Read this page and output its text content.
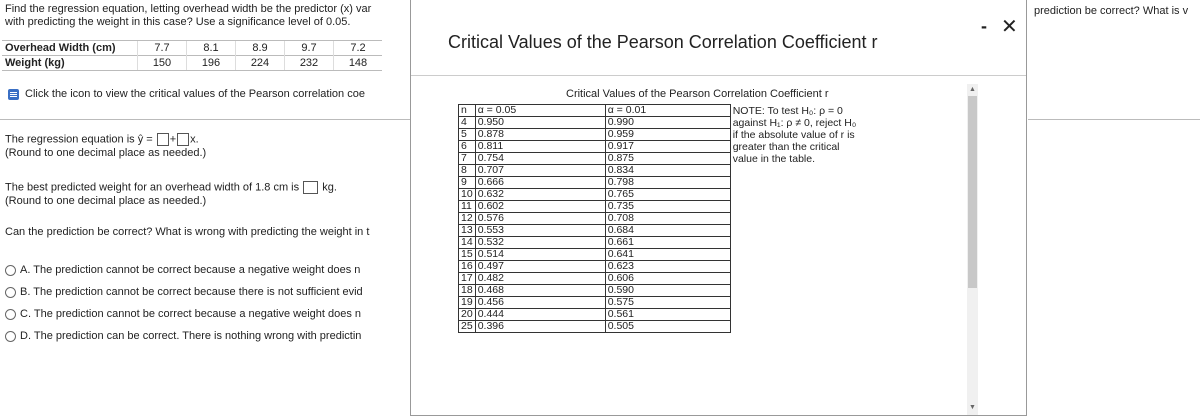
Find the regression equation, letting overhead width be the predictor (x) var
with predicting the weight in this case? Use a significance level of 0.05.
Overhead Width (cm)	7.7	8.1	8.9	9.7	7.2
Weight (kg)	150	196	224	232	148
Click the icon to view the critical values of the Pearson correlation coe
The regression equation is ŷ = + x.
(Round to one decimal place as needed.)
The best predicted weight for an overhead width of 1.8 cm is kg.
(Round to one decimal place as needed.)
Can the prediction be correct? What is wrong with predicting the weight in t
A. The prediction cannot be correct because a negative weight does n
B. The prediction cannot be correct because there is not sufficient evid
C. The prediction cannot be correct because a negative weight does n
D. The prediction can be correct. There is nothing wrong with predictin
prediction be correct? What is v
Critical Values of the Pearson Correlation Coefficient r
- ✕
Critical Values of the Pearson Correlation Coefficient r
n	α = 0.05	α = 0.01	NOTE: To test H₀: ρ = 0
against H₁: ρ ≠ 0, reject H₀
if the absolute value of r is
greater than the critical
value in the table.

4	0.950	0.990	
5	0.878	0.959	
6	0.811	0.917	
7	0.754	0.875	
8	0.707	0.834	
9	0.666	0.798	
10	0.632	0.765	
11	0.602	0.735	
12	0.576	0.708	
13	0.553	0.684	
14	0.532	0.661	
15	0.514	0.641	
16	0.497	0.623	
17	0.482	0.606	
18	0.468	0.590	
19	0.456	0.575	
20	0.444	0.561	
25	0.396	0.505	
▲
▼
